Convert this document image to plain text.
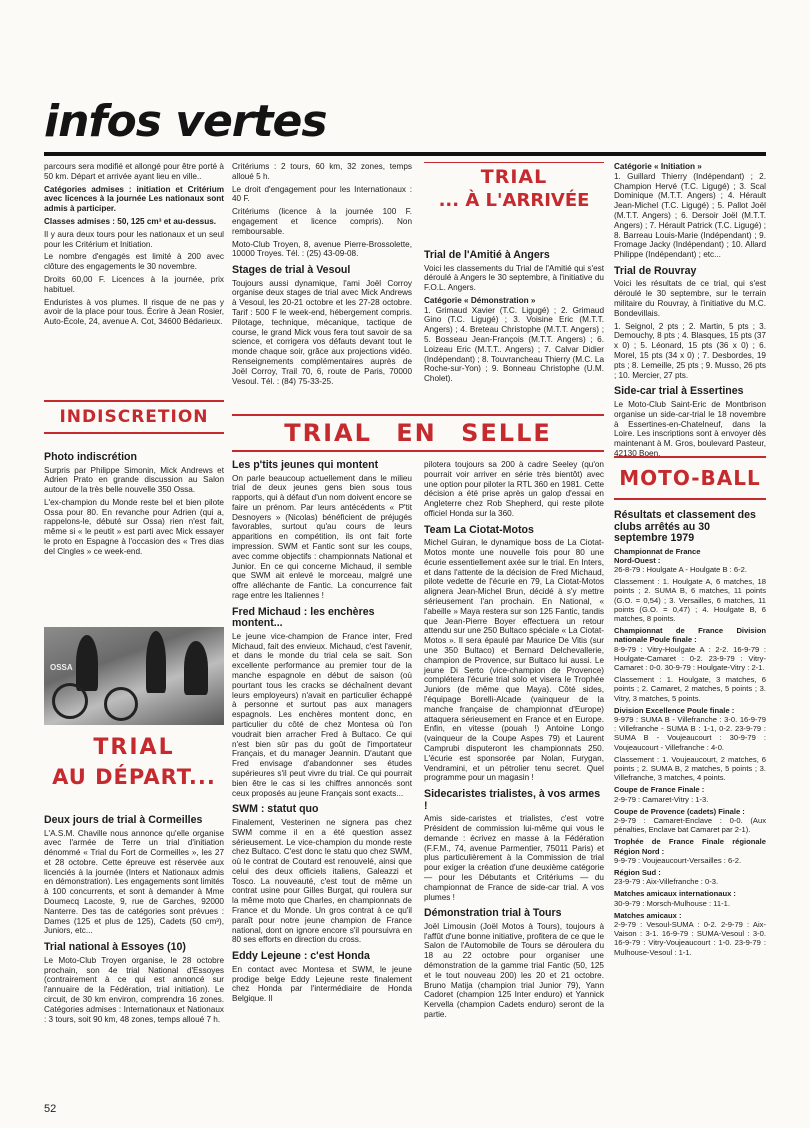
infos vertes

parcours sera modifié et allongé pour être porté à 50 km. Départ et arrivée ayant lieu en ville..

Catégories admises : initiation et Critérium avec licences à la journée Les nationaux sont admis à participer.

Classes admises : 50, 125 cm³ et au-dessus.

Il y aura deux tours pour les nationaux et un seul pour les Critérium et Initiation.

Le nombre d'engagés est limité à 200 avec clôture des engagements le 30 novembre.

Droits 60,00 F. Licences à la journée, prix habituel.

Enduristes à vos plumes. Il risque de ne pas y avoir de la place pour tous. Écrire à Jean Rosier, Auto-École, 24, avenue A. Cot, 34600 Bédarieux.

Critériums : 2 tours, 60 km, 32 zones, temps alloué 5 h.

Le droit d'engagement pour les Internationaux : 40 F.

Critériums (licence à la journée 100 F. engagement et licence compris). Non remboursable.

Moto-Club Troyen, 8, avenue Pierre-Brossolette, 10000 Troyes. Tél. : (25) 43-09-08.

Stages de trial à Vesoul

Toujours aussi dynamique, l'ami Joël Corroy organise deux stages de trial avec Mick Andrews à Vesoul, les 20-21 octobre et les 27-28 octobre. Tarif : 500 F le week-end, hébergement compris. Pilotage, technique, mécanique, tactique de course, le grand Mick vous fera tout savoir de sa science, et corrigera vos défauts devant tout le monde chaque soir, grâce aux projections vidéo. Renseignements complémentaires auprès de Joël Corroy, Trail 70, 6, route de Paris, 70000 Vesoul. Tél. : (84) 75-33-25.

TRIAL
... À L'ARRIVÉE
Trial de l'Amitié à Angers

Voici les classements du Trial de l'Amitié qui s'est déroulé à Angers le 30 septembre, à l'initiative du F.O.L. Angers.

Catégorie « Démonstration »

1. Grimaud Xavier (T.C. Ligugé) ; 2. Grimaud Gino (T.C. Ligugé) ; 3. Voisine Eric (M.T.T. Angers) ; 4. Breteau Christophe (M.T.T. Angers) ; 5. Bosseau Jean-François (M.T.T. Angers) ; 6. Loizeau Eric (M.T.T.. Angers) ; 7. Calvar Didier (Indépendant) ; 8. Touvrancheau Thierry (M.C. La Roche-sur-Yon) ; 9. Bonneau Christophe (U.M. Cholet).

Catégorie « Initiation »

1. Guillard Thierry (Indépendant) ; 2. Champion Hervé (T.C. Ligugé) ; 3. Scal Dominique (M.T.T. Angers) ; 4. Hérault Jean-Michel (T.C. Ligugé) ; 5. Pallot Joël (M.T.T. Angers) ; 6. Dersoir Joël (M.T.T. Angers) ; 7. Hérault Patrick (T.C. Ligugé) ; 8. Barreau Louis-Marie (Indépendant) ; 9. Fromage Jacky (Indépendant) ; 10. Allard Philippe (Indépendant) ; etc...

Trial de Rouvray

Voici les résultats de ce trial, qui s'est déroulé le 30 septembre, sur le terrain militaire du Rouvray, à l'initiative du M.C. Bondevillais.

1. Seignol, 2 pts ; 2. Martin, 5 pts ; 3. Demouchy, 8 pts ; 4. Blasques, 15 pts (37 x 0) ; 5. Léonard, 15 pts (36 x 0) ; 6. Morel, 15 pts (34 x 0) ; 7. Desbordes, 19 pts ; 8. Lemeille, 25 pts ; 9. Musso, 26 pts ; 10. Mercier, 27 pts.

Side-car trial à Essertines

Le Moto-Club Saint-Eric de Montbrison organise un side-car-trial le 18 novembre à Essertines-en-Chatelneuf, dans la Loire. Les inscriptions sont à envoyer dès maintenant à M. Gros, boulevard Pasteur, 42130 Boen.

INDISCRETION
TRIAL EN SELLE
Photo indiscrétion

Surpris par Philippe Simonin, Mick Andrews et Adrien Prato en grande discussion au Salon autour de la très belle nouvelle 350 Ossa.

L'ex-champion du Monde reste bel et bien pilote Ossa pour 80. En revanche pour Adrien (qui a, rappelons-le, débuté sur Ossa) rien n'est fait, même si « le peutit » est parti avec Mick essayer le proto en Espagne à l'occasion des « Tres dias del Cingles » ce week-end.

OSSA
TRIAL
AU DÉPART...
Deux jours de trial à Cormeilles

L'A.S.M. Chaville nous annonce qu'elle organise avec l'armée de Terre un trial d'initiation dénommé « Trial du Fort de Cormeilles », les 27 et 28 octobre. Cette épreuve est réservée aux licenciés à la journée (Inters et Nationaux admis en démonstration). Les engagements sont limités à 100 concurrents, et sont à demander à Mme Doumecq Lacoste, 9, rue de Garches, 92000 Nanterre. Des tas de catégories sont prévues : Dames (125 et plus de 125), Cadets (50 cm³), Juniors, etc...

Trial national à Essoyes (10)

Le Moto-Club Troyen organise, le 28 octobre prochain, son 4e trial National d'Essoyes (contrairement à ce qui est annoncé sur l'annuaire de la Fédération, trial initiation). Le circuit, de 30 km environ, comprendra 16 zones. Catégories admises : Internationaux et Nationaux : 3 tours, soit 90 km, 48 zones, temps alloué 7 h.

Les p'tits jeunes qui montent

On parle beaucoup actuellement dans le milieu trial de deux jeunes gens bien sous tous rapports, qui à défaut d'un nom doivent encore se faire un prénom. Par leurs antécédents « P'tit Desnoyers » (Nicolas) bénéficient de préjugés favorables, surtout qu'au cours de leurs apparitions en compétition, ils ont fait forte impression. SWM et Fantic sont sur les coups, avec comme objectifs : championnats National et Junior. En ce qui concerne Michaud, il semble que SWM ait enlevé le morceau, malgré une offre alléchante de Fantic. La concurrence fait rage entre les Italiennes !

Fred Michaud : les enchères montent...

Le jeune vice-champion de France inter, Fred Michaud, fait des envieux. Michaud, c'est l'avenir, et dans le monde du trial cela se sait. Son excellente performance au premier tour de la manche espagnole en début de saison (où pourtant tous les cracks se déchaînent devant leurs employeurs) n'avait en particulier échappé à personne et surtout pas aux managers espagnols. Les enchères montent donc, en particulier du côté de chez Montesa où l'on voudrait bien arracher Fred à Bultaco. Ce qui n'est bien sûr pas du goût de l'importateur Français, et du manager Jeannin. D'autant que Fred envisage d'abandonner ses études supérieures s'il peut vivre du trial. Ce qui pourrait bien être le cas si les chiffres annoncés sont ceux proposés au jeune Français sont exacts...

SWM : statut quo

Finalement, Vesterinen ne signera pas chez SWM comme il en a été question assez sérieusement. Le vice-champion du monde reste chez Bultaco. C'est donc le statu quo chez SWM, où le contrat de Coutard est renouvelé, ainsi que celui des deux officiels italiens, Galeazzi et Tosco. La nouveauté, c'est tout de même un contrat usine pour Gilles Burgat, qui roulera sur la même moto que Charles, en championnats de France et du Monde. Un gros contrat à ce qu'il paraît pour notre jeune champion de France national, dont on ignore encore s'il poursuivra en 80 ses efforts en direction du cross.

Eddy Lejeune : c'est Honda

En contact avec Montesa et SWM, le jeune prodige belge Eddy Lejeune reste finalement chez Honda par l'intermédiaire de Honda Belgique. Il

pilotera toujours sa 200 à cadre Seeley (qu'on pourrait voir arriver en série très bientôt) avec une option pour piloter la RTL 360 en 1981. Cette décision a été prise après un galop d'essai en Angleterre chez Rob Shepherd, qui reste pilote officiel Honda sur la 360.

Team La Ciotat-Motos

Michel Guiran, le dynamique boss de La Ciotat-Motos monte une nouvelle fois pour 80 une écurie essentiellement axée sur le trial. En Inters, et dans l'attente de la décision de Fred Michaud, pilote vedette de l'écurie en 79, La Ciotat-Motos alignera Jean-Michel Brun, décidé à s'y mettre sérieusement l'an prochain. En National, « l'abeille » Maya restera sur son 125 Fantic, tandis que Jean-Pierre Boyer effectuera un retour attendu sur une 250 Bultaco spéciale « La Ciotat-Motos ». Il sera épaulé par Maurice De Vitis (sur une 350 Bultaco) et Bernard Delchevallerie, champion de Provence, sur Bultaco lui aussi. Le jeune Di Serto (vice-champion de Provence) complétera l'écurie trial solo et visera le Trophée Juniors (de même que Maya). Côté sides, l'équipage Borelli-Alcade (vainqueur de la manche française de championnat d'Europe) attaquera sérieusement en France et en Europe. Enfin, en vitesse (pouah !) Antoine Longo (vainqueur de la Coupe Aspes 79) et Laurent Camprubi disputeront les championnats 250. L'écurie est sponsorée par Nolan, Furygan, Vendramini, et un pétrolier tenu secret. Quel programme pour un magasin !

Sidecaristes trialistes, à vos armes !

Amis side-caristes et trialistes, c'est votre Président de commission lui-même qui vous le demande : écrivez en masse à la Fédération (F.F.M., 74, avenue Parmentier, 75011 Paris) et plus particulièrement à la Commission de trial pour exiger la création d'une deuxième catégorie — pour les Débutants et Critériums — du championnat de France de side-car trial. A vos plumes !

Démonstration trial à Tours

Joël Limousin (Joël Motos à Tours), toujours à l'affût d'une bonne initiative, profitera de ce que le Salon de l'Automobile de Tours se déroulera du 18 au 22 octobre pour organiser une démonstration de la gamme trial Fantic (50, 125 et le tout nouveau 200) les 20 et 21 octobre. Bruno Matija (champion trial Junior 79), Yann Cadoret (champion 125 Inter enduro) et Yannick Kervella (champion Cadets enduro) seront de la partie.

MOTO-BALL
Résultats et classement des clubs arrêtés au 30 septembre 1979

Championnat de France

Nord-Ouest :

26-8-79 : Houlgate A - Houlgate B : 6-2.

Classement : 1. Houlgate A, 6 matches, 18 points ; 2. SUMA B, 6 matches, 11 points (G.O. = 0,54) ; 3. Versailles, 6 matches, 11 points (G.O. = 0,47) ; 4. Houlgate B, 6 matches, 8 points.

Championnat de France Division nationale Poule finale :

8-9-79 : Vitry-Houlgate A : 2-2. 16-9-79 : Houlgate-Camaret : 0-2. 23-9-79 : Vitry-Camaret : 0-0. 30-9-79 : Houlgate-Vitry : 2-1.

Classement : 1. Houlgate, 3 matches, 6 points ; 2. Camaret, 2 matches, 5 points ; 3. Vitry, 3 matches, 5 points.

Division Excellence Poule finale :

9-979 : SUMA B - Villefranche : 3-0. 16-9-79 : Villefranche - SUMA B : 1-1, 0-2. 23-9-79 : SUMA B - Voujeaucourt : 30-9-79 : Voujeaucourt - Villefranche : 4-0.

Classement : 1. Voujeaucourt, 2 matches, 6 points ; 2. SUMA B, 2 matches, 5 points ; 3. Villefranche, 3 matches, 4 points.

Coupe de France Finale :

2-9-79 : Camaret-Vitry : 1-3.

Coupe de Provence (cadets) Finale :

2-9-79 : Camaret-Enclave : 0-0. (Aux pénalties, Enclave bat Camaret par 2-1).

Trophée de France Finale régionale Région Nord :

9-9-79 : Voujeaucourt-Versailles : 6-2.

Région Sud :

23-9-79 : Aix-Villefranche : 0-3.

Matches amicaux internationaux :

30-9-79 : Morsch-Mulhouse : 11-1.

Matches amicaux :

2-9-79 : Vesoul-SUMA : 0-2. 2-9-79 : Aix-Vaison : 3-1. 16-9-79 : SUMA-Vesoul : 3-0. 16-9-79 : Vitry-Voujeaucourt : 1-0. 23-9-79 : Mulhouse-Vesoul : 1-1.

52
